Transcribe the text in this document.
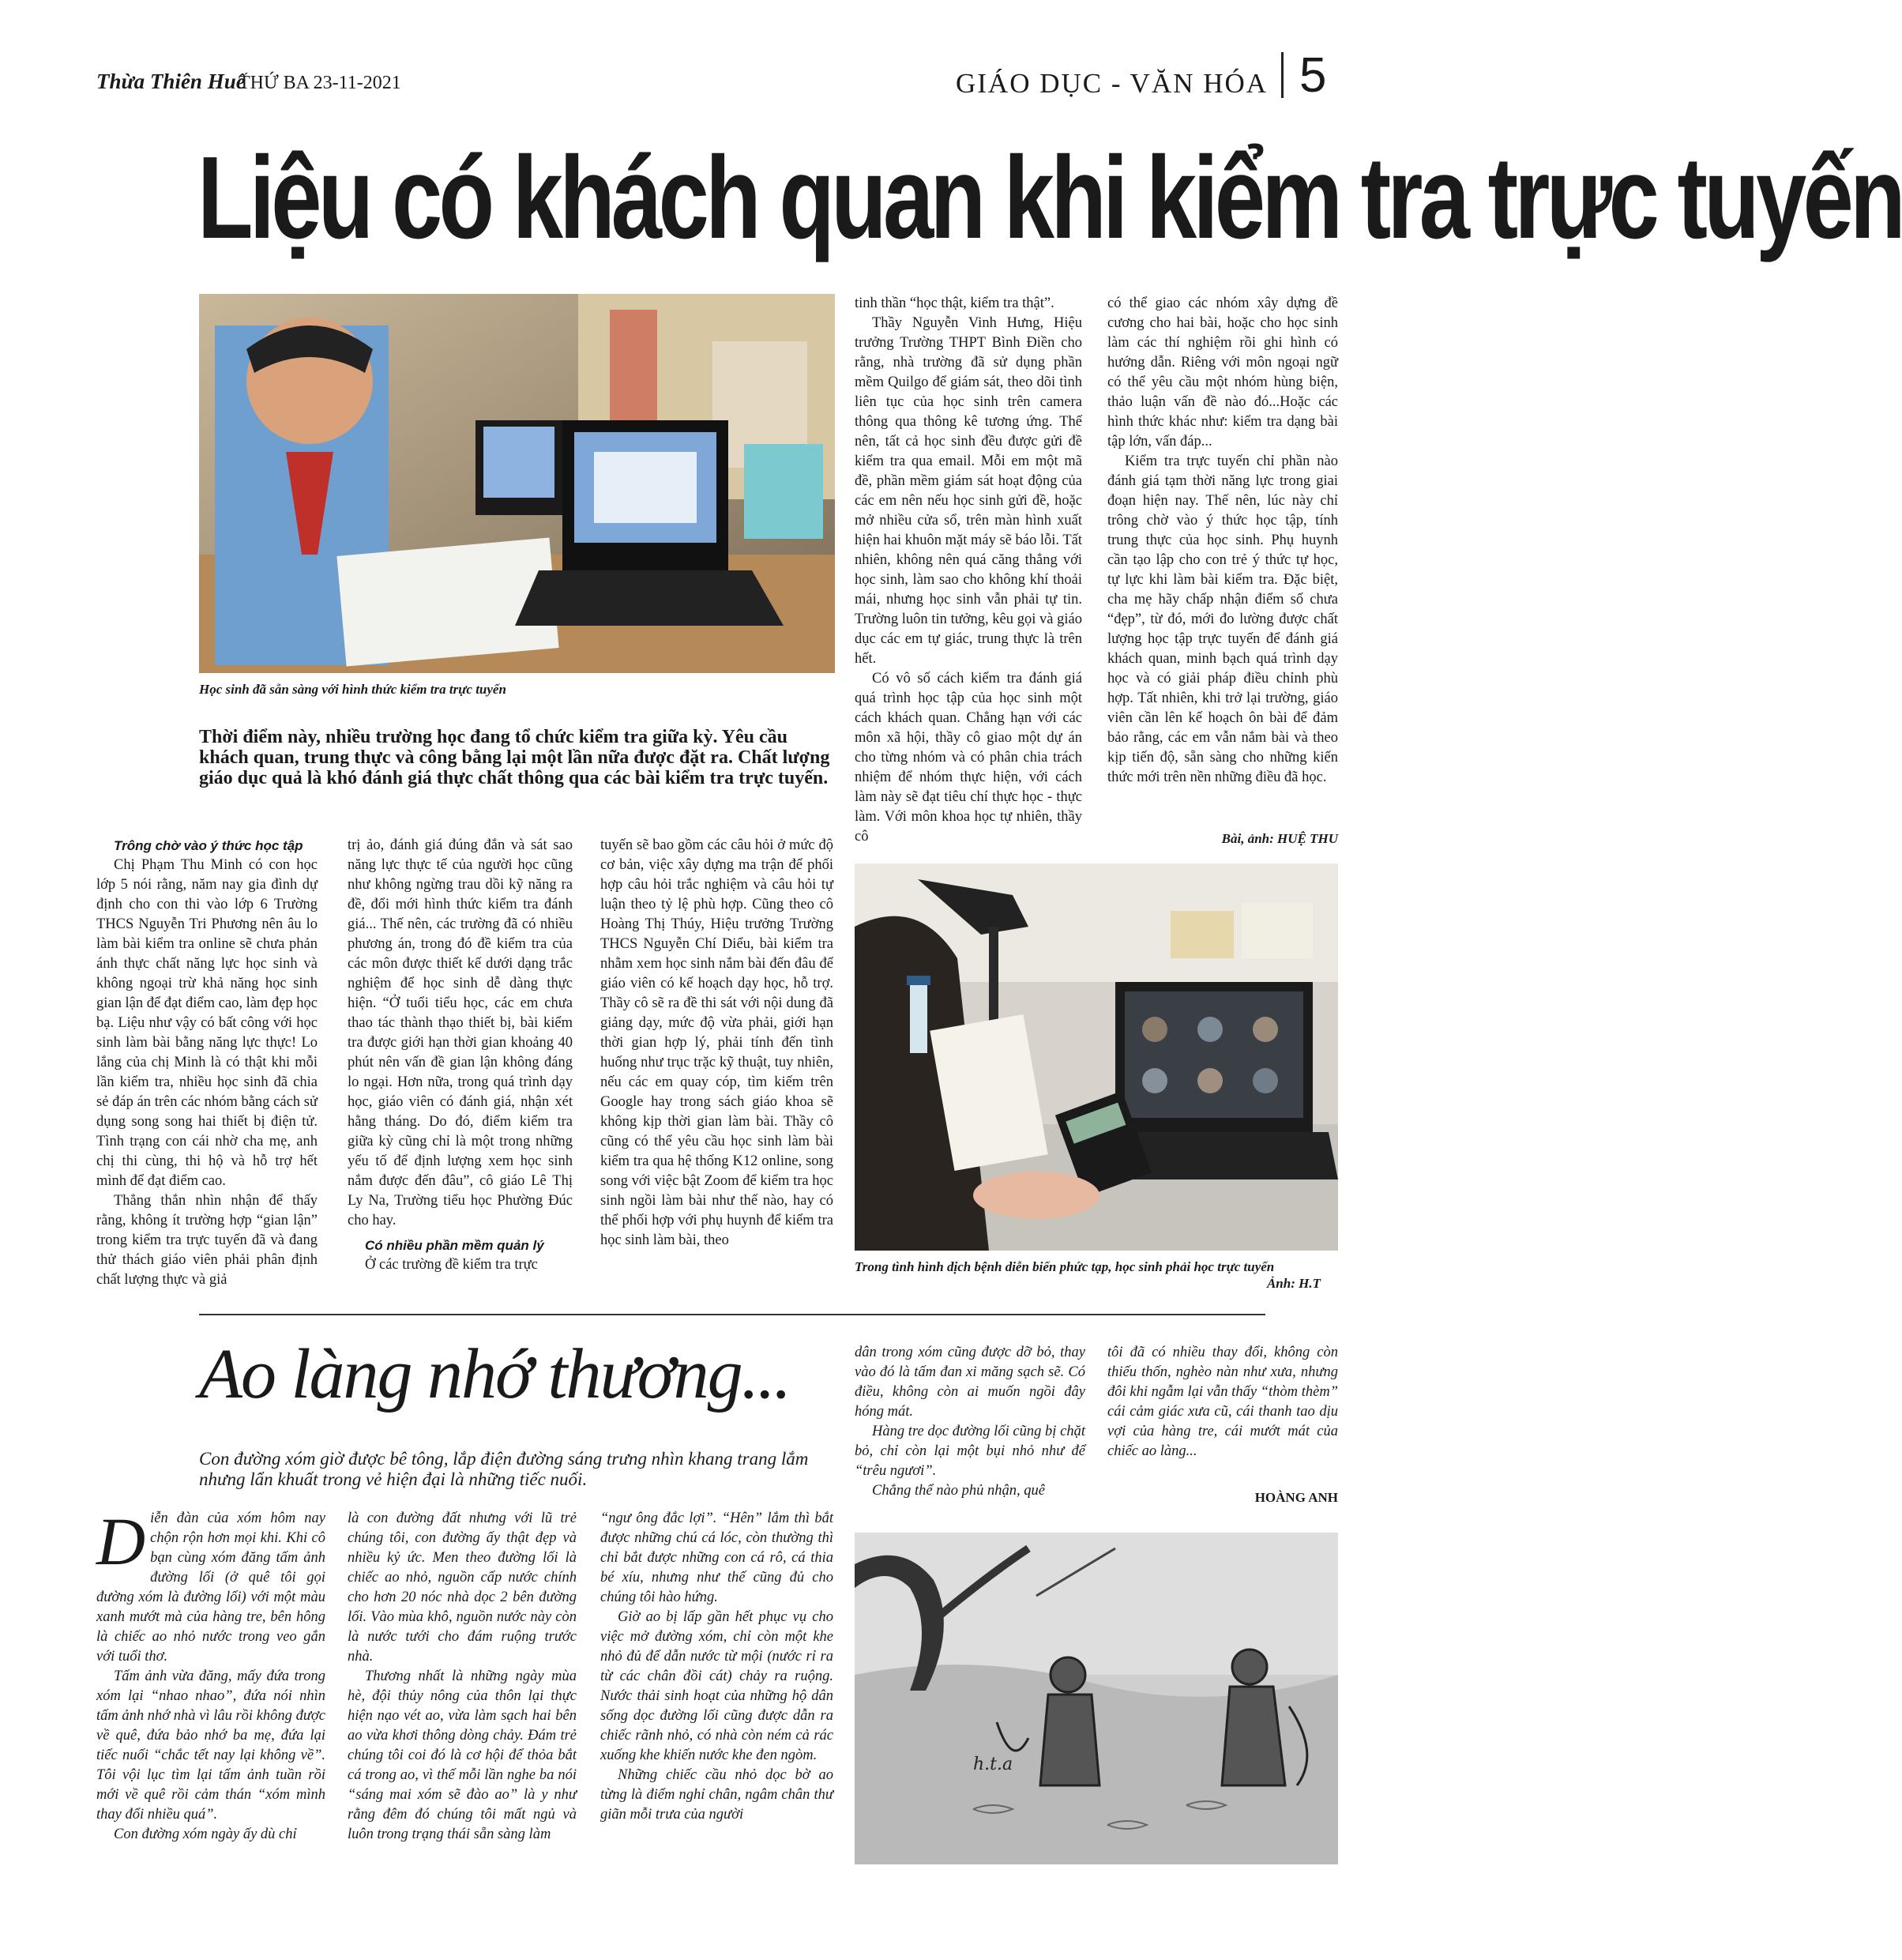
Thừa Thiên Huế
THỨ BA 23-11-2021	GIÁO DỤC - VĂN HÓA 5
Liệu có khách quan khi kiểm tra trực tuyến
Học sinh đã sẵn sàng với hình thức kiểm tra trực tuyến
Thời điểm này, nhiều trường học đang tổ chức kiểm tra giữa kỳ. Yêu cầu khách quan, trung thực và công bằng lại một lần nữa được đặt ra. Chất lượng giáo dục quả là khó đánh giá thực chất thông qua các bài kiểm tra trực tuyến.

Trông chờ vào ý thức học tập

Chị Phạm Thu Minh có con học lớp 5 nói rằng, năm nay gia đình dự định cho con thi vào lớp 6 Trường THCS Nguyễn Tri Phương nên âu lo làm bài kiểm tra online sẽ chưa phản ánh thực chất năng lực học sinh và không ngoại trừ khả năng học sinh gian lận để đạt điểm cao, làm đẹp học bạ. Liệu như vậy có bất công với học sinh làm bài bằng năng lực thực! Lo lắng của chị Minh là có thật khi mỗi lần kiểm tra, nhiều học sinh đã chia sẻ đáp án trên các nhóm bằng cách sử dụng song song hai thiết bị điện tử. Tình trạng con cái nhờ cha mẹ, anh chị thi cùng, thi hộ và hỗ trợ hết mình để đạt điểm cao.

Thẳng thắn nhìn nhận để thấy rằng, không ít trường hợp “gian lận” trong kiểm tra trực tuyến đã và đang thử thách giáo viên phải phân định chất lượng thực và giả

trị ảo, đánh giá đúng đắn và sát sao năng lực thực tế của người học cũng như không ngừng trau dồi kỹ năng ra đề, đổi mới hình thức kiểm tra đánh giá... Thế nên, các trường đã có nhiều phương án, trong đó đề kiểm tra của các môn được thiết kế dưới dạng trắc nghiệm để học sinh dễ dàng thực hiện. “Ở tuổi tiểu học, các em chưa thao tác thành thạo thiết bị, bài kiểm tra được giới hạn thời gian khoảng 40 phút nên vấn đề gian lận không đáng lo ngại. Hơn nữa, trong quá trình dạy học, giáo viên có đánh giá, nhận xét hằng tháng. Do đó, điểm kiểm tra giữa kỳ cũng chỉ là một trong những yếu tố để định lượng xem học sinh nắm được đến đâu”, cô giáo Lê Thị Ly Na, Trường tiểu học Phường Đúc cho hay.

Có nhiều phần mềm quản lý

Ở các trường đề kiểm tra trực

tuyến sẽ bao gồm các câu hỏi ở mức độ cơ bản, việc xây dựng ma trận để phối hợp câu hỏi trắc nghiệm và câu hỏi tự luận theo tỷ lệ phù hợp. Cũng theo cô Hoàng Thị Thúy, Hiệu trưởng Trường THCS Nguyễn Chí Diểu, bài kiểm tra nhằm xem học sinh nắm bài đến đâu để giáo viên có kế hoạch dạy học, hỗ trợ. Thầy cô sẽ ra đề thi sát với nội dung đã giảng dạy, mức độ vừa phải, giới hạn thời gian hợp lý, phải tính đến tình huống như trục trặc kỹ thuật, tuy nhiên, nếu các em quay cóp, tìm kiếm trên Google hay trong sách giáo khoa sẽ không kịp thời gian làm bài. Thầy cô cũng có thể yêu cầu học sinh làm bài kiểm tra qua hệ thống K12 online, song song với việc bật Zoom để kiểm tra học sinh ngồi làm bài như thế nào, hay có thể phối hợp với phụ huynh để kiểm tra học sinh làm bài, theo

tinh thần “học thật, kiểm tra thật”.

Thầy Nguyễn Vinh Hưng, Hiệu trưởng Trường THPT Bình Điền cho rằng, nhà trường đã sử dụng phần mềm Quilgo để giám sát, theo dõi tình liên tục của học sinh trên camera thông qua thông kê tương ứng. Thế nên, tất cả học sinh đều được gửi đề kiểm tra qua email. Mỗi em một mã đề, phần mềm giám sát hoạt động của các em nên nếu học sinh gửi đề, hoặc mở nhiều cửa sổ, trên màn hình xuất hiện hai khuôn mặt máy sẽ báo lỗi. Tất nhiên, không nên quá căng thẳng với học sinh, làm sao cho không khí thoải mái, nhưng học sinh vẫn phải tự tin. Trường luôn tin tưởng, kêu gọi và giáo dục các em tự giác, trung thực là trên hết.

Có vô số cách kiểm tra đánh giá quá trình học tập của học sinh một cách khách quan. Chẳng hạn với các môn xã hội, thầy cô giao một dự án cho từng nhóm và có phân chia trách nhiệm để nhóm thực hiện, với cách làm này sẽ đạt tiêu chí thực học - thực làm. Với môn khoa học tự nhiên, thầy cô

có thể giao các nhóm xây dựng đề cương cho hai bài, hoặc cho học sinh làm các thí nghiệm rồi ghi hình có hướng dẫn. Riêng với môn ngoại ngữ có thể yêu cầu một nhóm hùng biện, thảo luận vấn đề nào đó...Hoặc các hình thức khác như: kiểm tra dạng bài tập lớn, vấn đáp...

Kiểm tra trực tuyến chỉ phần nào đánh giá tạm thời năng lực trong giai đoạn hiện nay. Thế nên, lúc này chỉ trông chờ vào ý thức học tập, tính trung thực của học sinh. Phụ huynh cần tạo lập cho con trẻ ý thức tự học, tự lực khi làm bài kiểm tra. Đặc biệt, cha mẹ hãy chấp nhận điểm số chưa “đẹp”, từ đó, mới đo lường được chất lượng học tập trực tuyến để đánh giá khách quan, minh bạch quá trình dạy học và có giải pháp điều chỉnh phù hợp. Tất nhiên, khi trở lại trường, giáo viên cần lên kế hoạch ôn bài để đảm bảo rằng, các em vẫn nắm bài và theo kịp tiến độ, sẵn sàng cho những kiến thức mới trên nền những điều đã học.

Bài, ảnh: HUỆ THU
Trong tình hình dịch bệnh diễn biến phức tạp, học sinh phải học trực tuyến
Ảnh: H.T
Ao làng nhớ thương...
Con đường xóm giờ được bê tông, lắp điện đường sáng trưng nhìn khang trang lắm nhưng lẩn khuất trong vẻ hiện đại là những tiếc nuối.
D iễn đàn của xóm hôm nay chộn rộn hơn mọi khi. Khi cô bạn cùng xóm đăng tấm ảnh đường lối (ở quê tôi gọi đường xóm là đường lối) với một màu xanh mướt mà của hàng tre, bên hông là chiếc ao nhỏ nước trong veo gắn với tuổi thơ.

Tấm ảnh vừa đăng, mấy đứa trong xóm lại “nhao nhao”, đứa nói nhìn tấm ảnh nhớ nhà vì lâu rồi không được về quê, đứa bảo nhớ ba mẹ, đứa lại tiếc nuối “chắc tết nay lại không về”. Tôi vội lục tìm lại tấm ảnh tuần rồi mới về quê rồi cảm thán “xóm mình thay đổi nhiều quá”.

Con đường xóm ngày ấy dù chỉ

là con đường đất nhưng với lũ trẻ chúng tôi, con đường ấy thật đẹp và nhiều kỷ ức. Men theo đường lối là chiếc ao nhỏ, nguồn cấp nước chính cho hơn 20 nóc nhà dọc 2 bên đường lối. Vào mùa khô, nguồn nước này còn là nước tưới cho đám ruộng trước nhà.

Thương nhất là những ngày mùa hè, đội thủy nông của thôn lại thực hiện nạo vét ao, vừa làm sạch hai bên ao vừa khơi thông dòng chảy. Đám trẻ chúng tôi coi đó là cơ hội để thỏa bắt cá trong ao, vì thế mỗi lần nghe ba nói “sáng mai xóm sẽ đào ao” là y như rằng đêm đó chúng tôi mất ngủ và luôn trong trạng thái sẵn sàng làm

“ngư ông đắc lợi”. “Hên” lắm thì bắt được những chú cá lóc, còn thường thì chỉ bắt được những con cá rô, cá thia bé xíu, nhưng như thế cũng đủ cho chúng tôi hào hứng.

Giờ ao bị lấp gần hết phục vụ cho việc mở đường xóm, chỉ còn một khe nhỏ đủ để dẫn nước từ mội (nước rỉ ra từ các chân đồi cát) chảy ra ruộng. Nước thải sinh hoạt của những hộ dân sống dọc đường lối cũng được dẫn ra chiếc rãnh nhỏ, có nhà còn ném cả rác xuống khe khiến nước khe đen ngòm.

Những chiếc cầu nhỏ dọc bờ ao từng là điểm nghỉ chân, ngâm chân thư giãn mỗi trưa của người

dân trong xóm cũng được dỡ bỏ, thay vào đó là tấm đan xi măng sạch sẽ. Có điều, không còn ai muốn ngồi đây hóng mát.

Hàng tre dọc đường lối cũng bị chặt bỏ, chỉ còn lại một bụi nhỏ như để “trêu ngươi”.

Chẳng thể nào phủ nhận, quê

tôi đã có nhiều thay đổi, không còn thiếu thốn, nghèo nàn như xưa, nhưng đôi khi ngẫm lại vẫn thấy “thòm thèm” cái cảm giác xưa cũ, cái thanh tao dịu vợi của hàng tre, cái mướt mát của chiếc ao làng...

HOÀNG ANH
h.t.a
